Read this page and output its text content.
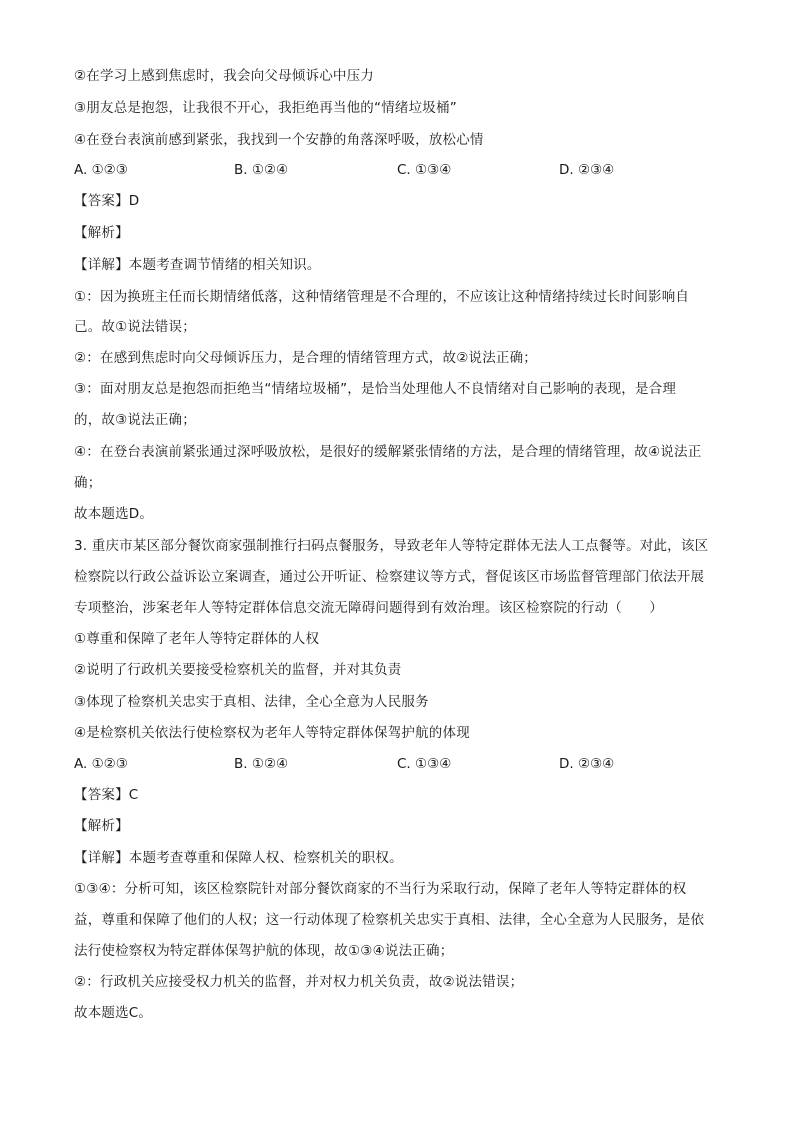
②在学习上感到焦虑时，我会向父母倾诉心中压力
③朋友总是抱怨，让我很不开心，我拒绝再当他的“情绪垃圾桶”
④在登台表演前感到紧张，我找到一个安静的角落深呼吸，放松心情
A. ①②③	B. ①②④	C. ①③④	D. ②③④
【答案】D
【解析】
【详解】本题考查调节情绪的相关知识。
①：因为换班主任而长期情绪低落，这种情绪管理是不合理的，不应该让这种情绪持续过长时间影响自
己。故①说法错误；
②：在感到焦虑时向父母倾诉压力，是合理的情绪管理方式，故②说法正确；
③：面对朋友总是抱怨而拒绝当“情绪垃圾桶”，是恰当处理他人不良情绪对自己影响的表现，是合理
的，故③说法正确；
④：在登台表演前紧张通过深呼吸放松，是很好的缓解紧张情绪的方法，是合理的情绪管理，故④说法正
确；
故本题选D。
3. 重庆市某区部分餐饮商家强制推行扫码点餐服务，导致老年人等特定群体无法人工点餐等。对此，该区
检察院以行政公益诉讼立案调查，通过公开听证、检察建议等方式，督促该区市场监督管理部门依法开展
专项整治，涉案老年人等特定群体信息交流无障碍问题得到有效治理。该区检察院的行动（　　）
①尊重和保障了老年人等特定群体的人权
②说明了行政机关要接受检察机关的监督，并对其负责
③体现了检察机关忠实于真相、法律，全心全意为人民服务
④是检察机关依法行使检察权为老年人等特定群体保驾护航的体现
A. ①②③	B. ①②④	C. ①③④	D. ②③④
【答案】C
【解析】
【详解】本题考查尊重和保障人权、检察机关的职权。
①③④：分析可知，该区检察院针对部分餐饮商家的不当行为采取行动，保障了老年人等特定群体的权
益，尊重和保障了他们的人权；这一行动体现了检察机关忠实于真相、法律，全心全意为人民服务，是依
法行使检察权为特定群体保驾护航的体现，故①③④说法正确；
②：行政机关应接受权力机关的监督，并对权力机关负责，故②说法错误；
故本题选C。
